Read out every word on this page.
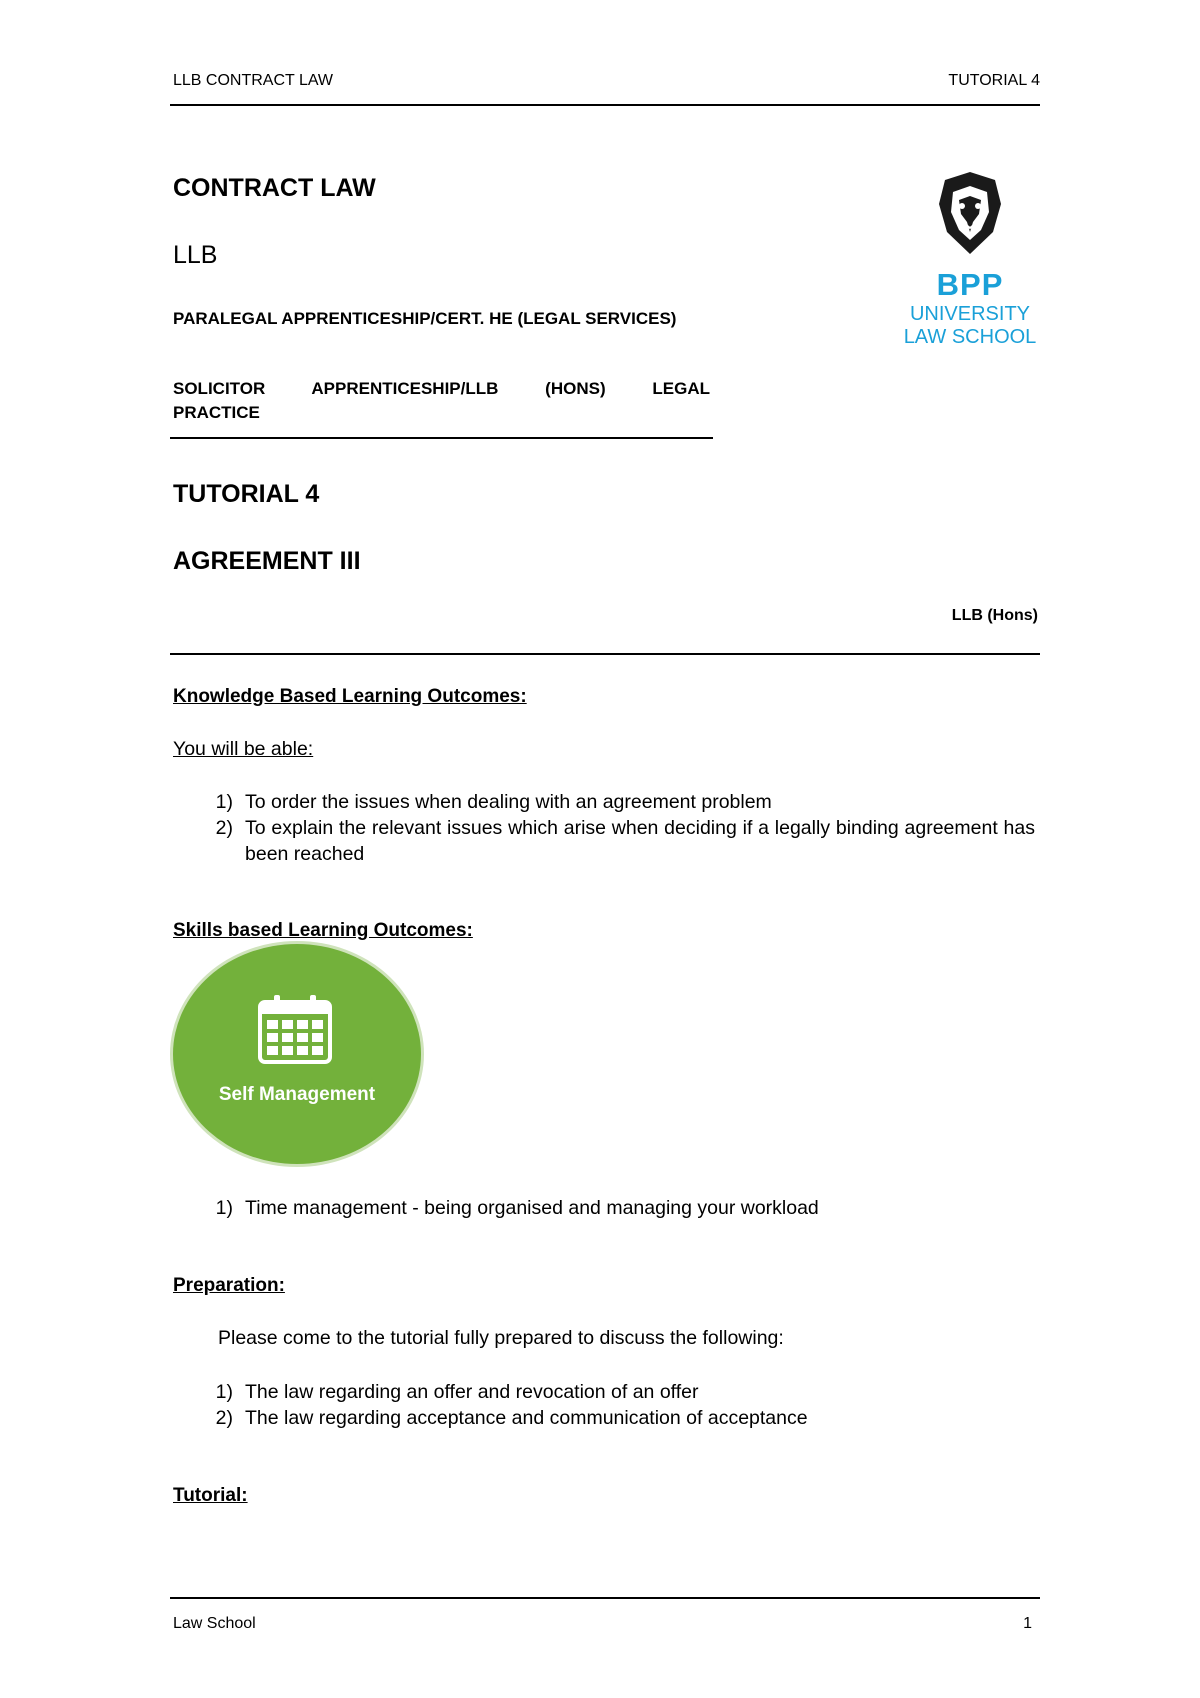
LLB CONTRACT LAW	TUTORIAL 4
CONTRACT LAW
LLB
PARALEGAL APPRENTICESHIP/CERT. HE (LEGAL SERVICES)
SOLICITOR APPRENTICESHIP/LLB (HONS) LEGAL
PRACTICE
BPP
UNIVERSITY
LAW SCHOOL
TUTORIAL 4
AGREEMENT III
LLB (Hons)
Knowledge Based Learning Outcomes:
You will be able:
1) To order the issues when dealing with an agreement problem
2) To explain the relevant issues which arise when deciding if a legally binding agreement has been reached
Skills based Learning Outcomes:
Self Management
1) Time management - being organised and managing your workload
Preparation:
Please come to the tutorial fully prepared to discuss the following:
1) The law regarding an offer and revocation of an offer
2) The law regarding acceptance and communication of acceptance
Tutorial:
Law School	1
